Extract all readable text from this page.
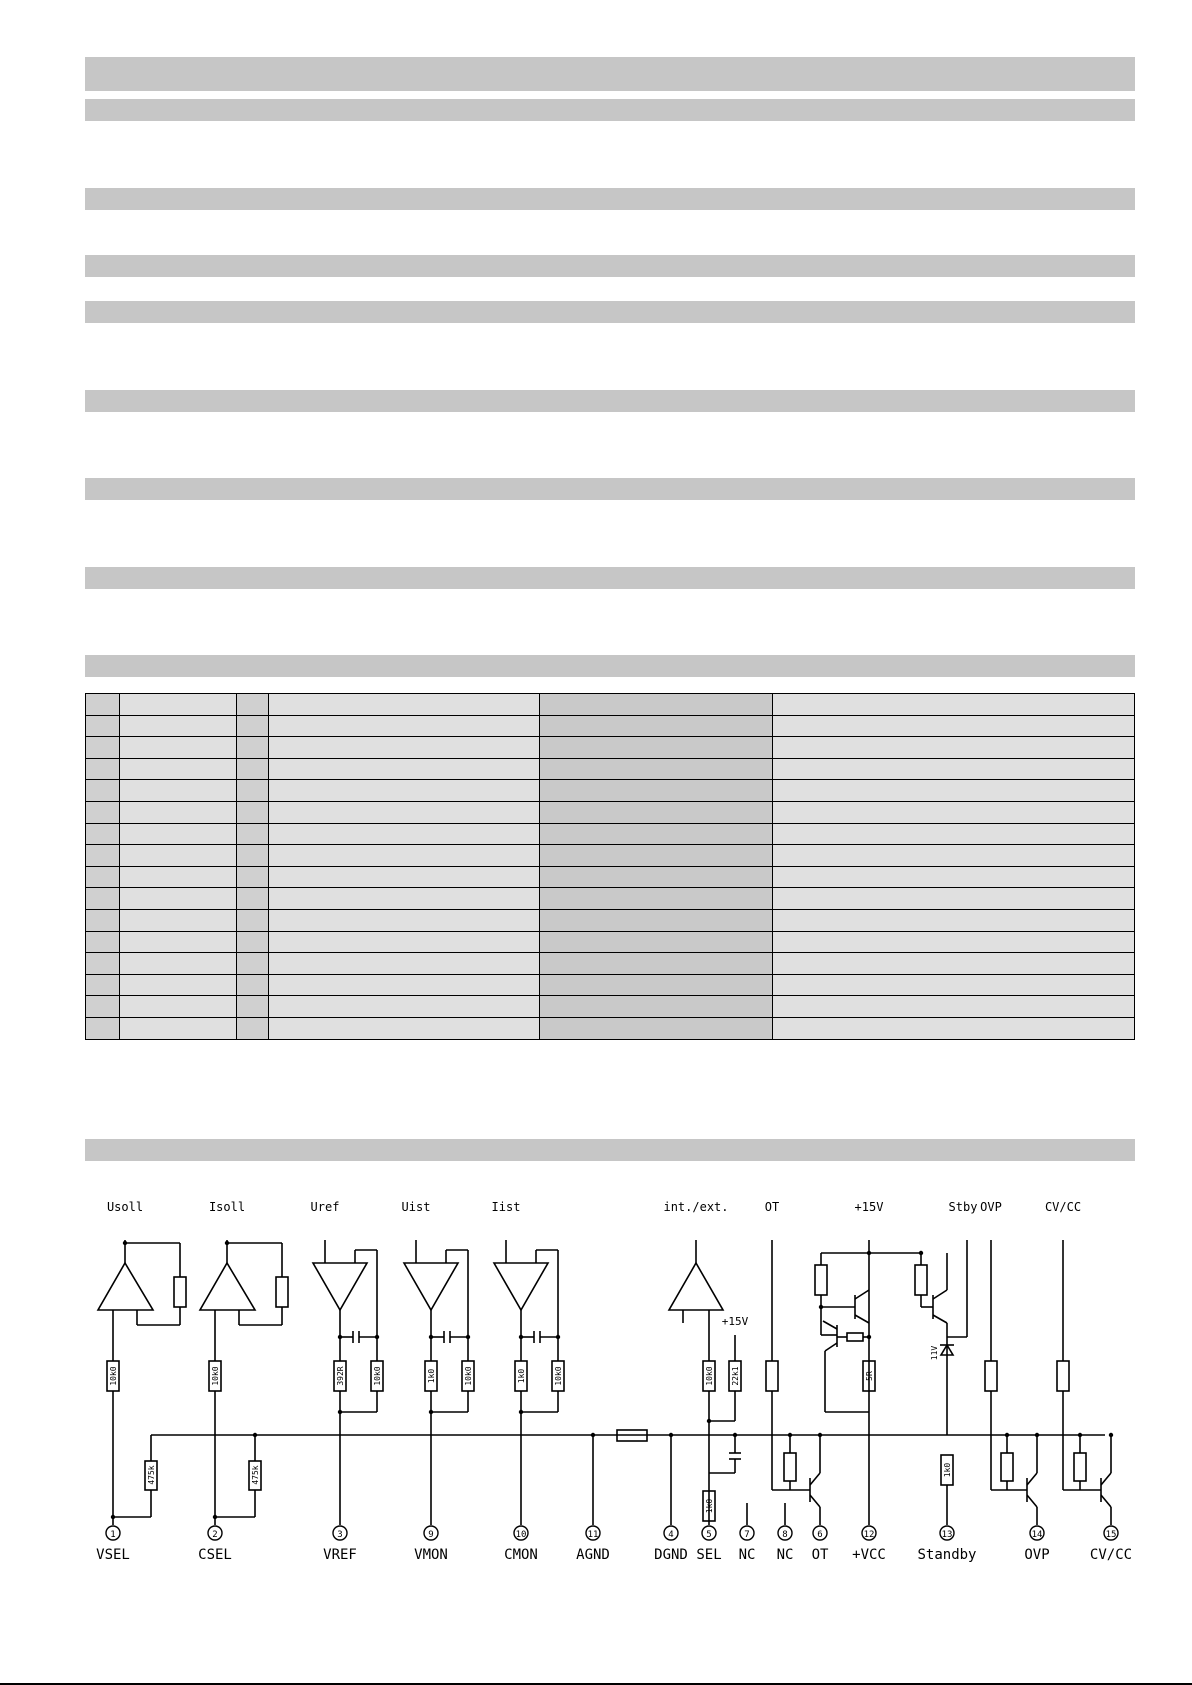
Usoll	Isoll	Uref	Uist	Iist	int./ext.	OT	+15V	Stby OVP	CV/CC
+15V
10k0	10k0	392R	10k0	1k0	10k0	1k0	10k0	10k0 22k1	5R
1k0
475k	475k
1k0
11V
1
VSEL
2
CSEL
3
VREF
9
VMON
10
CMON
11
AGND
4
DGND
5
SEL
7
NC
8
NC
6
OT
12
+VCC
13
Standby
14
OVP
15
CV/CC
